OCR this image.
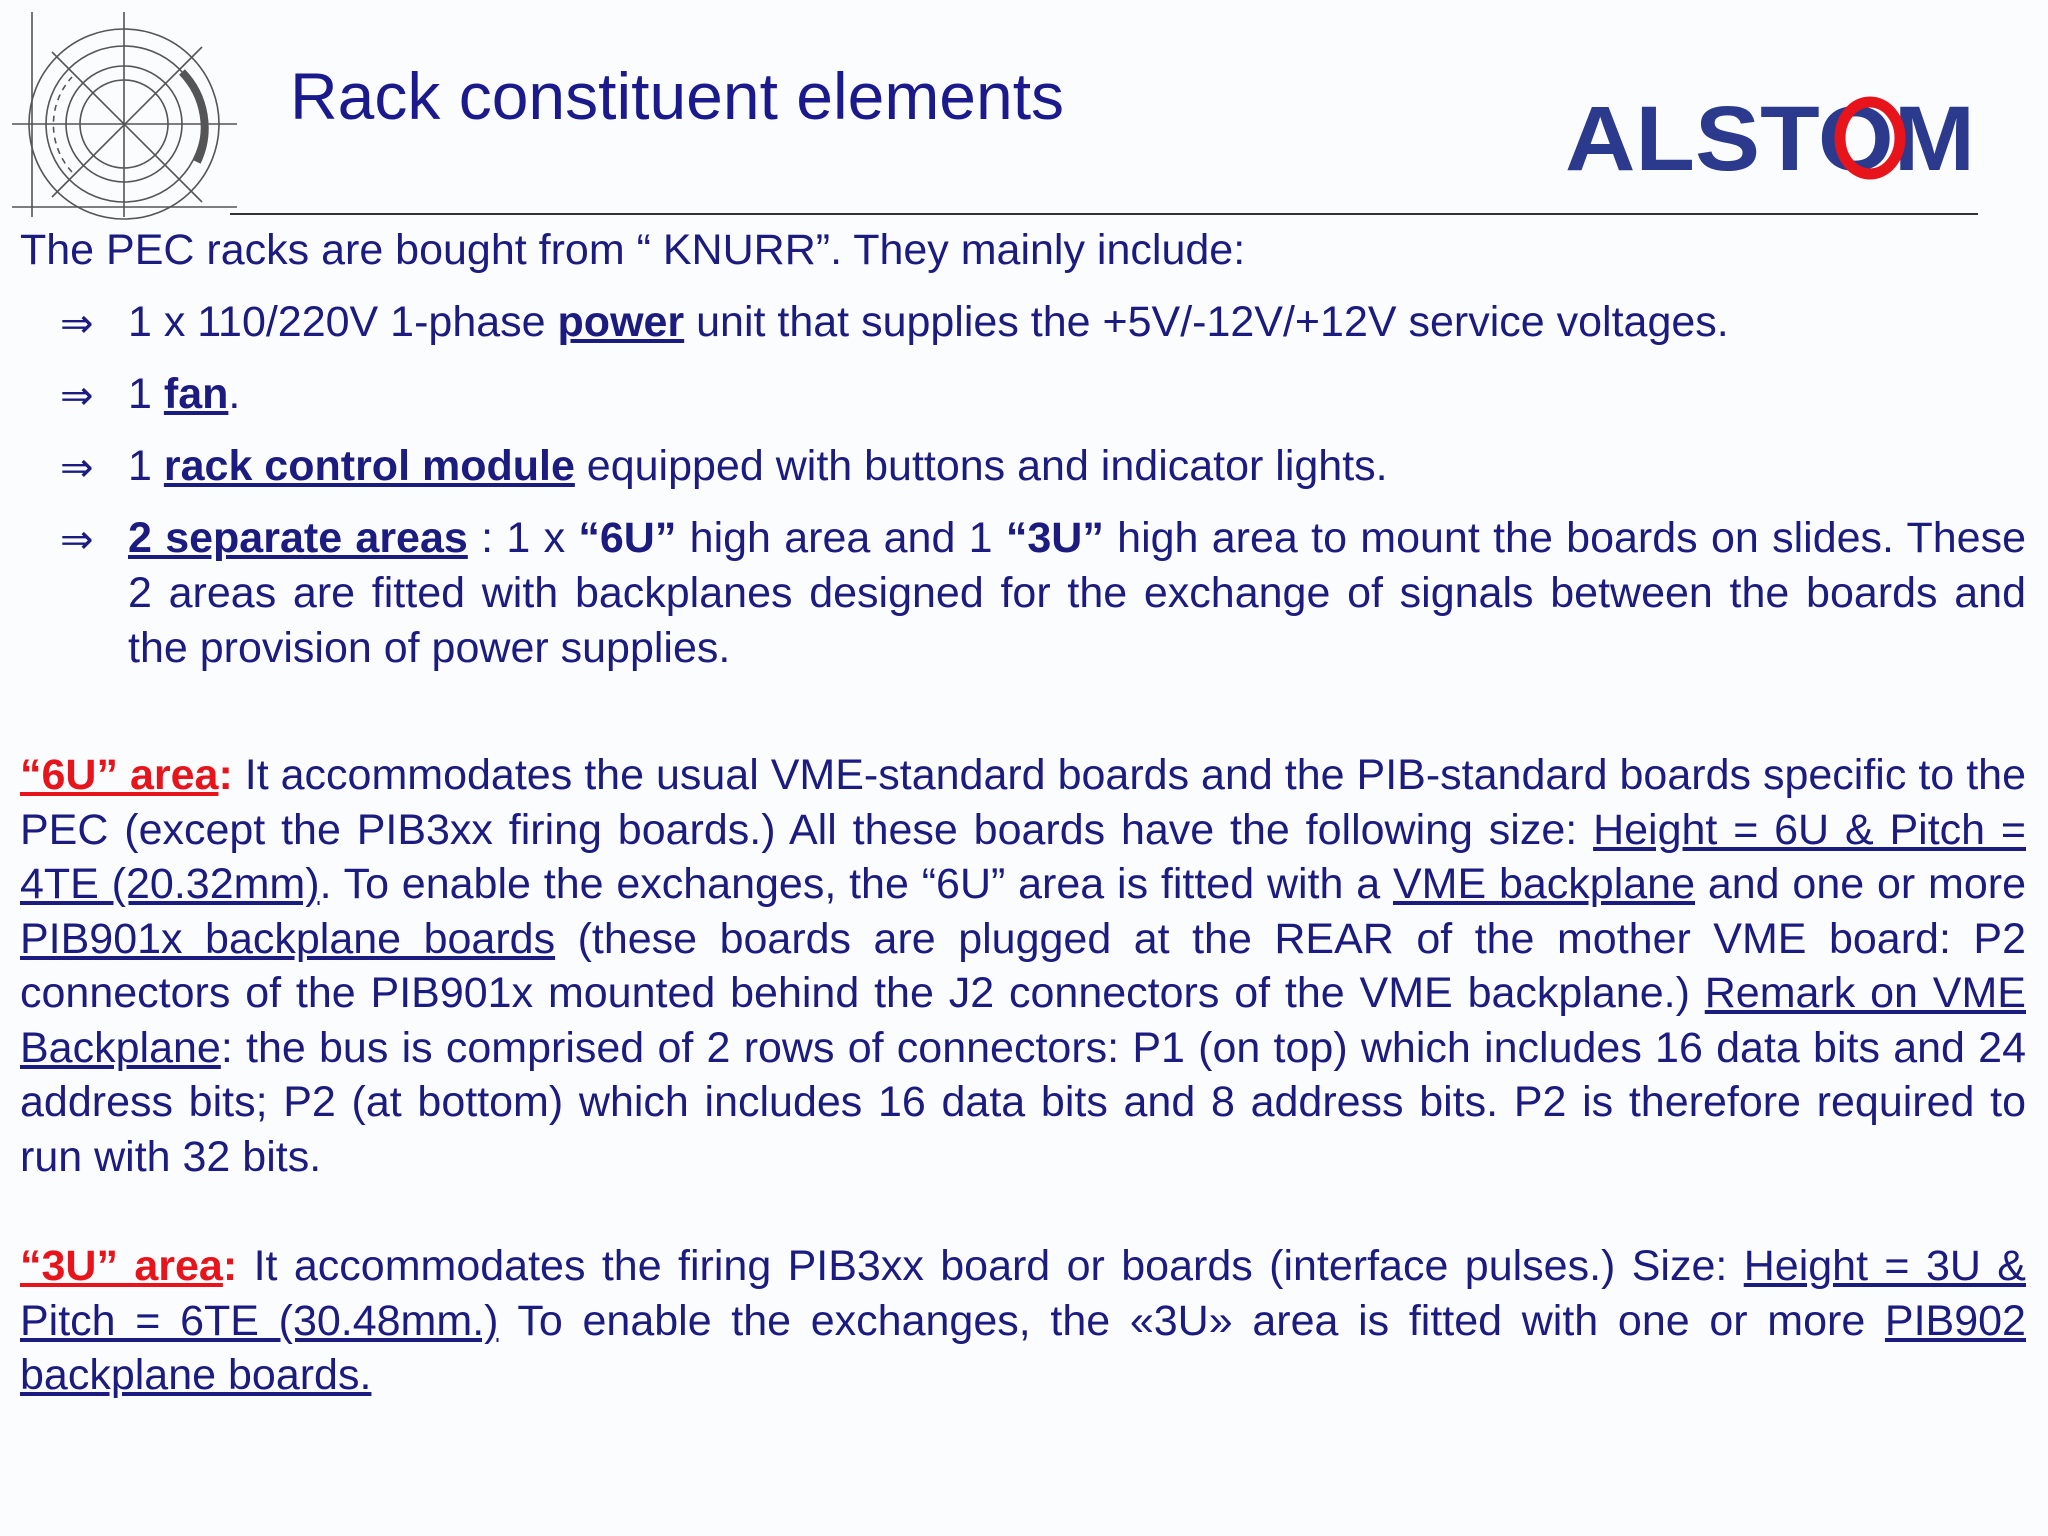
Rack constituent elements	ALSTOM

The PEC racks are bought from “ KNURR”. They mainly include:

⇒ 1 x 110/220V 1-phase power unit that supplies the +5V/-12V/+12V service voltages.
⇒ 1 fan.
⇒ 1 rack control module equipped with buttons and indicator lights.
⇒ 2 separate areas : 1 x “6U” high area and 1 “3U” high area to mount the boards on slides. These 2 areas are fitted with backplanes designed for the exchange of signals between the boards and the provision of power supplies.

“6U” area: It accommodates the usual VME-standard boards and the PIB-standard boards specific to the PEC (except the PIB3xx firing boards.) All these boards have the following size: Height = 6U & Pitch = 4TE (20.32mm). To enable the exchanges, the “6U” area is fitted with a VME backplane and one or more PIB901x backplane boards (these boards are plugged at the REAR of the mother VME board: P2 connectors of the PIB901x mounted behind the J2 connectors of the VME backplane.) Remark on VME Backplane: the bus is comprised of 2 rows of connectors: P1 (on top) which includes 16 data bits and 24 address bits; P2 (at bottom) which includes 16 data bits and 8 address bits. P2 is therefore required to run with 32 bits.

“3U” area: It accommodates the firing PIB3xx board or boards (interface pulses.) Size: Height = 3U & Pitch = 6TE (30.48mm.) To enable the exchanges, the «3U» area is fitted with one or more PIB902 backplane boards.
